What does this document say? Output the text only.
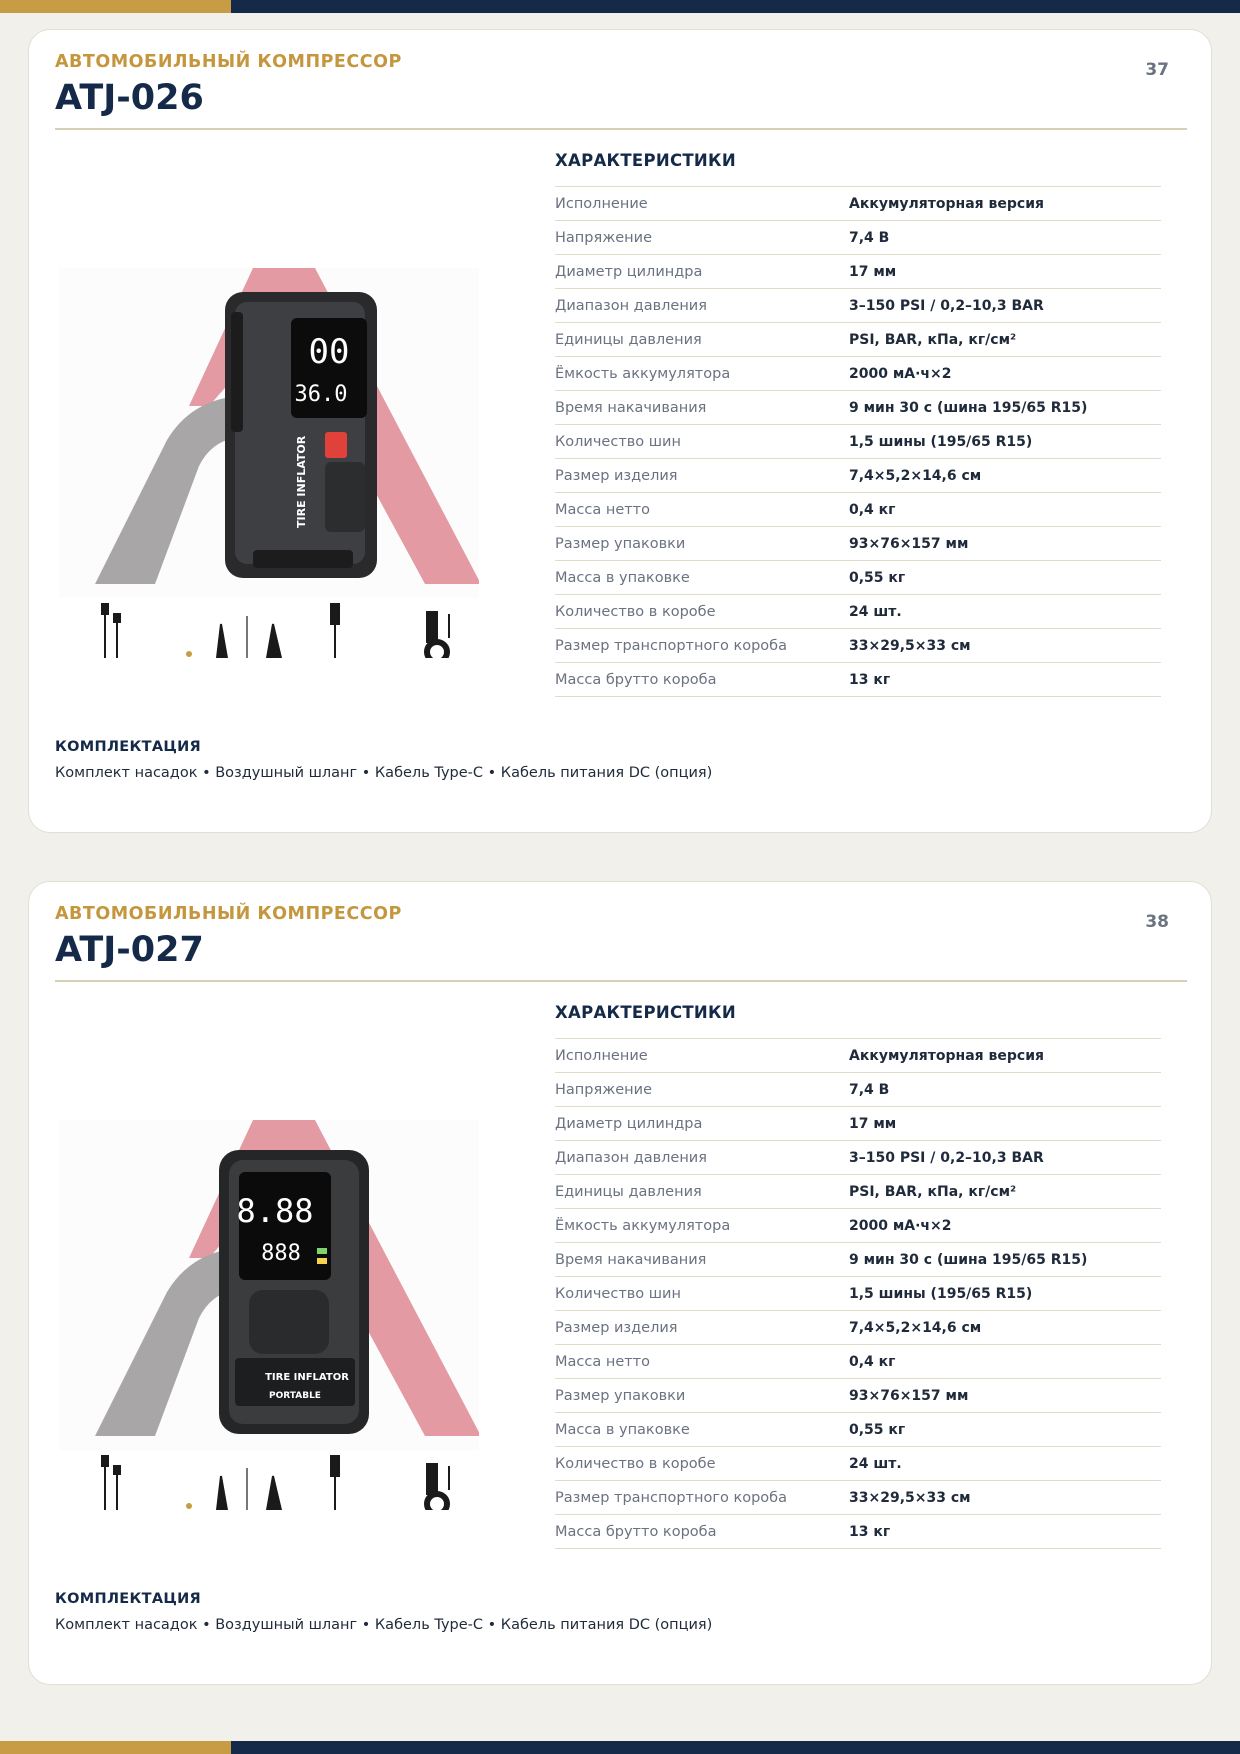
АВТОМОБИЛЬНЫЙ КОМПРЕССОР
ATJ-026
37
00
36.0
TIRE INFLATOR
ХАРАКТЕРИСТИКИ
Исполнение	Аккумуляторная версия
Напряжение	7,4 В
Диаметр цилиндра	17 мм
Диапазон давления	3–150 PSI / 0,2–10,3 BAR
Единицы давления	PSI, BAR, кПа, кг/см²
Ёмкость аккумулятора	2000 мА·ч×2
Время накачивания	9 мин 30 с (шина 195/65 R15)
Количество шин	1,5 шины (195/65 R15)
Размер изделия	7,4×5,2×14,6 см
Масса нетто	0,4 кг
Размер упаковки	93×76×157 мм
Масса в упаковке	0,55 кг
Количество в коробе	24 шт.
Размер транспортного короба	33×29,5×33 см
Масса брутто короба	13 кг
КОМПЛЕКТАЦИЯ
Комплект насадок • Воздушный шланг • Кабель Type-C • Кабель питания DC (опция)
АВТОМОБИЛЬНЫЙ КОМПРЕССОР
ATJ-027
38
8.88
888
TIRE INFLATOR
PORTABLE
ХАРАКТЕРИСТИКИ
Исполнение	Аккумуляторная версия
Напряжение	7,4 В
Диаметр цилиндра	17 мм
Диапазон давления	3–150 PSI / 0,2–10,3 BAR
Единицы давления	PSI, BAR, кПа, кг/см²
Ёмкость аккумулятора	2000 мА·ч×2
Время накачивания	9 мин 30 с (шина 195/65 R15)
Количество шин	1,5 шины (195/65 R15)
Размер изделия	7,4×5,2×14,6 см
Масса нетто	0,4 кг
Размер упаковки	93×76×157 мм
Масса в упаковке	0,55 кг
Количество в коробе	24 шт.
Размер транспортного короба	33×29,5×33 см
Масса брутто короба	13 кг
КОМПЛЕКТАЦИЯ
Комплект насадок • Воздушный шланг • Кабель Type-C • Кабель питания DC (опция)
